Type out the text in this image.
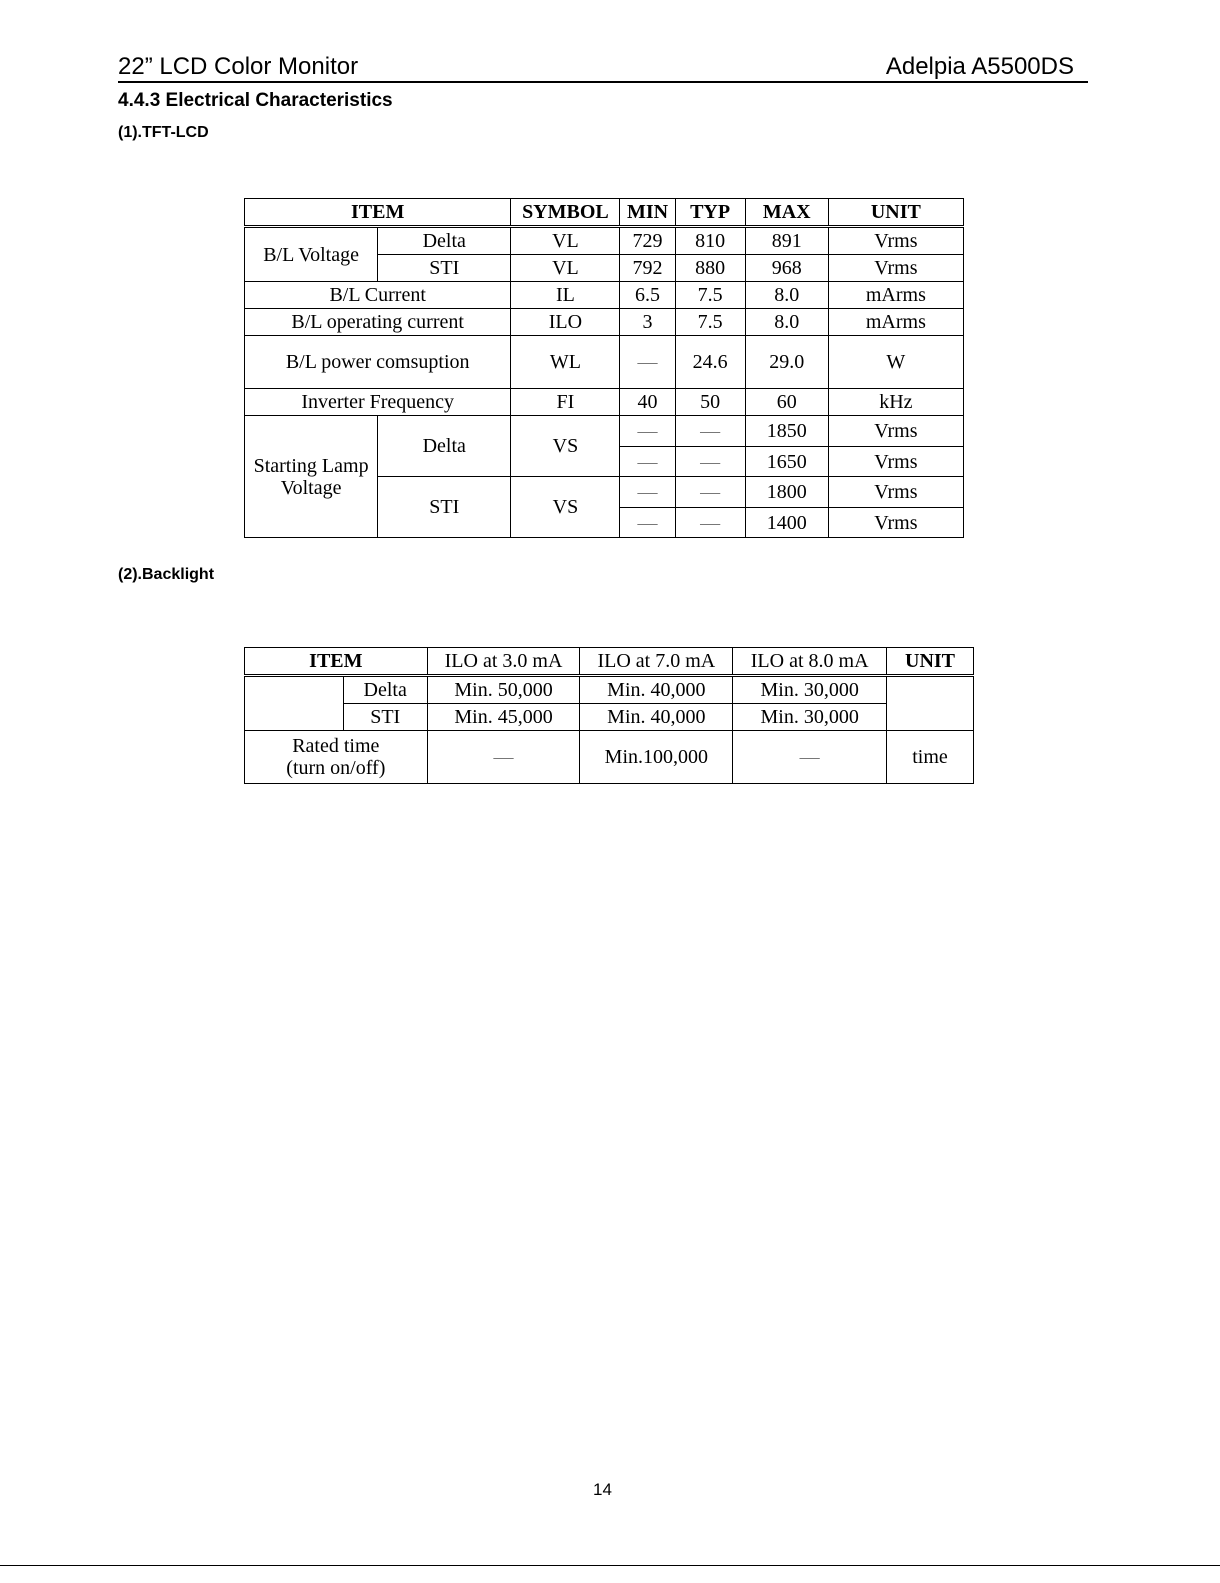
22” LCD Color Monitor	Adelpia A5500DS
4.4.3 Electrical Characteristics
(1).TFT-LCD
ITEM		SYMBOL	MIN	TYP	MAX	UNIT
B/L Voltage	Delta	VL	729	810	891	Vrms
	STI	VL	792	880	968	Vrms
B/L Current		IL	6.5	7.5	8.0	mArms
B/L operating current		ILO	3	7.5	8.0	mArms
B/L power comsuption		WL	—	24.6	29.0	W
Inverter Frequency		FI	40	50	60	kHz
Starting Lamp
Voltage	Delta	VS	—	—	1850	Vrms
			—	—	1650	Vrms
	STI	VS	—	—	1800	Vrms
			—	—	1400	Vrms
(2).Backlight
ITEM		ILO at 3.0 mA	ILO at 7.0 mA	ILO at 8.0 mA	UNIT
	Delta	Min. 50,000	Min. 40,000	Min. 30,000	
	STI	Min. 45,000	Min. 40,000	Min. 30,000	
Rated time
(turn on/off)		—	Min.100,000	—	time
14
